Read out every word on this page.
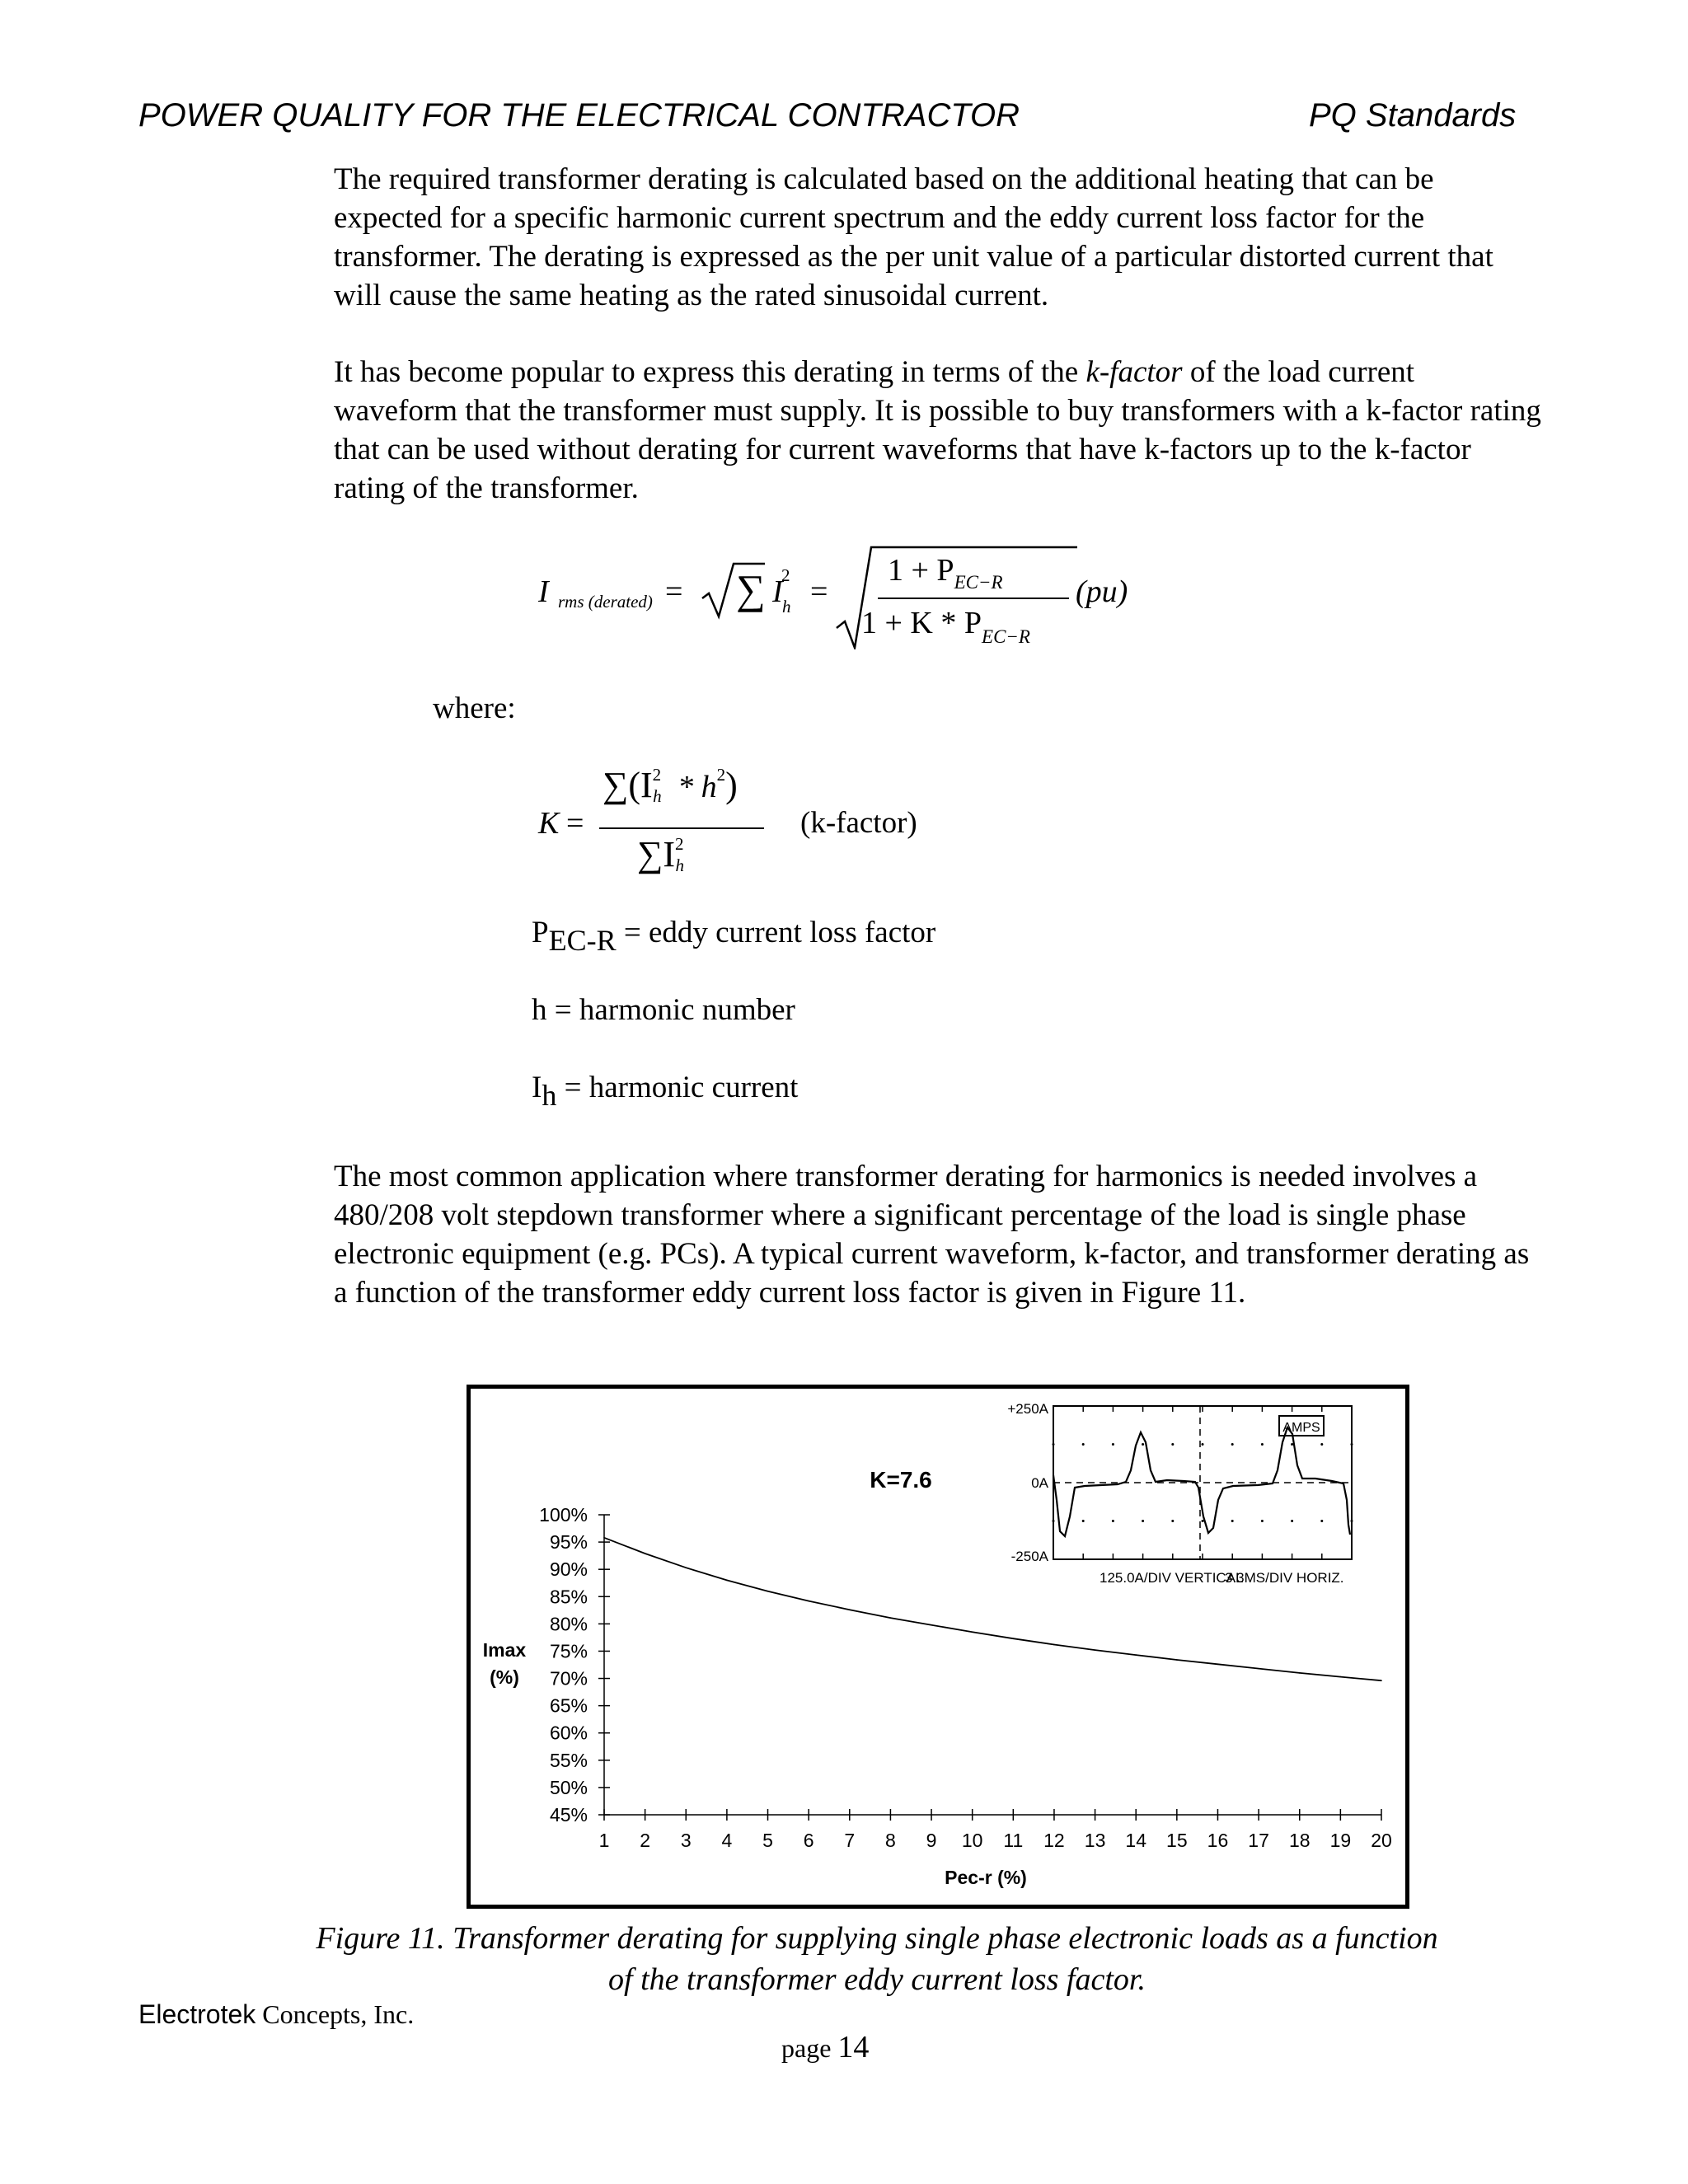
POWER QUALITY FOR THE ELECTRICAL CONTRACTOR	PQ Standards

The required transformer derating is calculated based on the additional heating that can be expected for a specific harmonic current spectrum and the eddy current loss factor for the transformer. The derating is expressed as the per unit value of a particular distorted current that will cause the same heating as the rated sinusoidal current.

It has become popular to express this derating in terms of the k-factor of the load current waveform that the transformer must supply. It is possible to buy transformers with a k-factor rating that can be used without derating for current waveforms that have k-factors up to the k-factor rating of the transformer.

I rms (derated) = ∑ I h
2 =
$1 + P_{EC-R}$
$1 + K * P_{EC-R}$
(pu)
where:
K =
$\sum(I^2h * h^2)$
$\sum I^2h$
(k-factor)
PEC-R = eddy current loss factor
h = harmonic number
Ih = harmonic current

The most common application where transformer derating for harmonics is needed involves a 480/208 volt stepdown transformer where a significant percentage of the load is single phase electronic equipment (e.g. PCs). A typical current waveform, k-factor, and transformer derating as a function of the transformer eddy current loss factor is given in Figure 11.

100%
95%
90%
85%
80%
75%
70%
65%
60%
55%
50%
45%
1 2 3 4 5 6 7 8 9 10 11 12 13 14 15 16 17 18 19 20
Imax
(%)
Pec-r (%)
K=7.6
+250A
0A
-250A
AMPS
125.0A/DIV VERTICAL
3.3MS/DIV HORIZ.
Figure 11. Transformer derating for supplying single phase electronic loads as a function
of the transformer eddy current loss factor.
Electrotek Concepts, Inc.
page 14
